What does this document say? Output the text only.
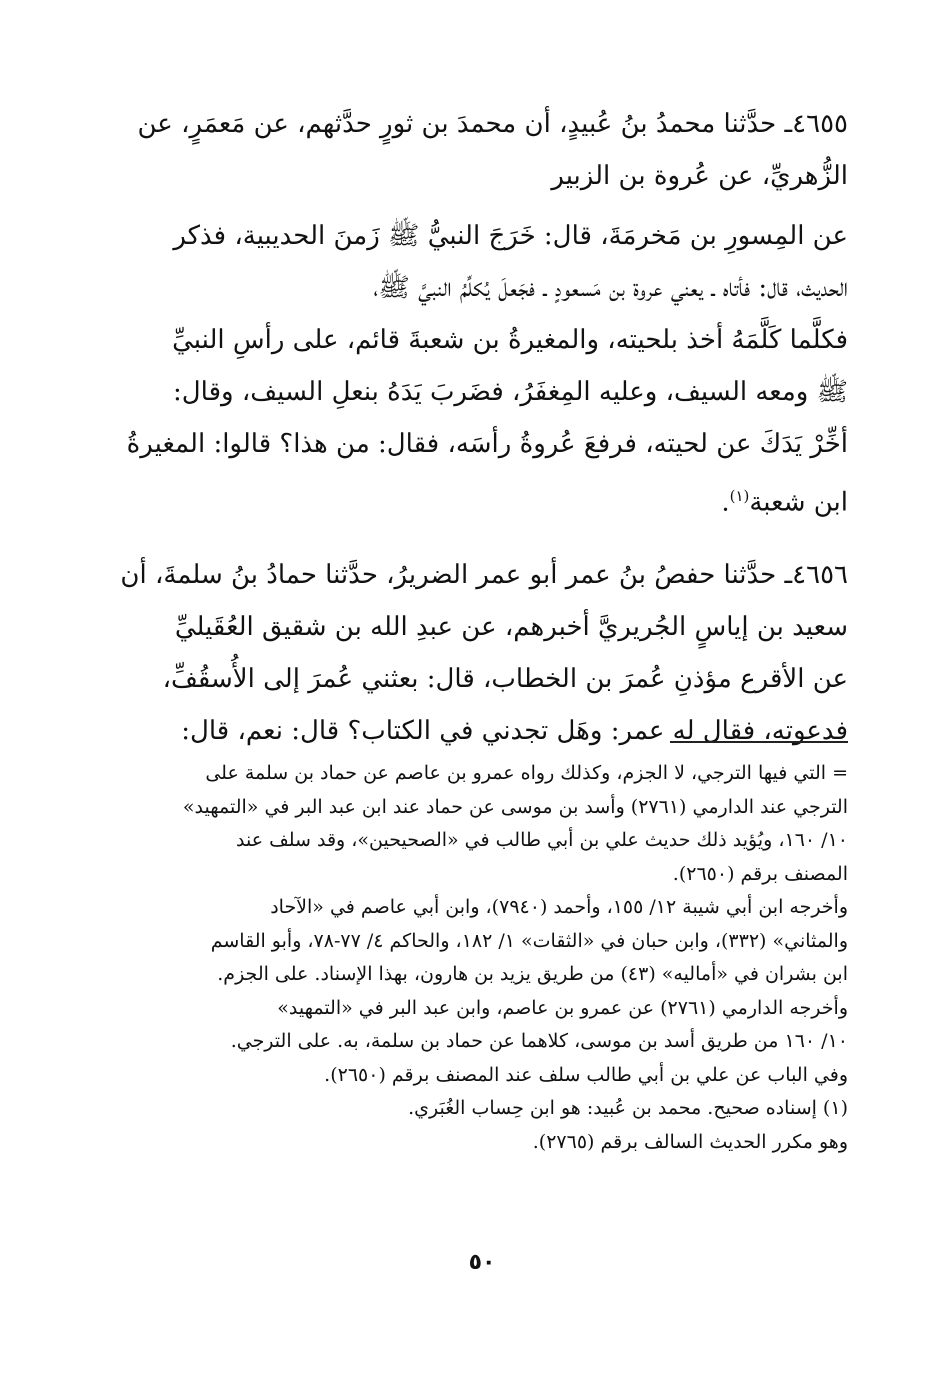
٤٦٥٥ـ حدَّثنا محمدُ بنُ عُبيدٍ، أن محمدَ بن ثورٍ حدَّثهم، عن مَعمَرٍ، عن
الزُّهريِّ، عن عُروة بن الزبير
عن المِسورِ بن مَخرمَةَ، قال: خَرَجَ النبيُّ ﷺ زَمنَ الحديبية، فذكر
الحديث، قال: فأتاه ـ يعني عروة بن مَسعودٍ ـ فجَعلَ يُكلِّمُ النبيَّ ﷺ،
فكلَّما كَلَّمَهُ أخذ بلحيته، والمغيرةُ بن شعبةَ قائم، على رأسِ النبيِّ
ﷺ ومعه السيف، وعليه المِغفَرُ، فضَربَ يَدَهُ بنعلِ السيف، وقال:
أخِّرْ يَدَكَ عن لحيته، فرفعَ عُروةُ رأسَه، فقال: من هذا؟ قالوا: المغيرةُ
ابن شعبة$^{(١)}$.
٤٦٥٦ـ حدَّثنا حفصُ بنُ عمر أبو عمر الضريرُ، حدَّثنا حمادُ بنُ سلمةَ، أن
سعيد بن إياسٍ الجُريريَّ أخبرهم، عن عبدِ الله بن شقيق العُقَيليِّ
عن الأقرع مؤذنِ عُمرَ بن الخطاب، قال: بعثني عُمرَ إلى الأُسقُفِّ،
فدعوته، فقال له عمر: وهَل تجدني في الكتاب؟ قال: نعم، قال:
= التي فيها الترجي، لا الجزم، وكذلك رواه عمرو بن عاصم عن حماد بن سلمة على
الترجي عند الدارمي (٢٧٦١) وأسد بن موسى عن حماد عند ابن عبد البر في «التمهيد»
١٠/ ١٦٠، ويُؤيد ذلك حديث علي بن أبي طالب في «الصحيحين»، وقد سلف عند
المصنف برقم (٢٦٥٠).
وأخرجه ابن أبي شيبة ١٢/ ١٥٥، وأحمد (٧٩٤٠)، وابن أبي عاصم في «الآحاد
والمثاني» (٣٣٢)، وابن حبان في «الثقات» ١/ ١٨٢، والحاكم ٤/ ٧٧-٧٨، وأبو القاسم
ابن بشران في «أماليه» (٤٣) من طريق يزيد بن هارون، بهذا الإسناد. على الجزم.
وأخرجه الدارمي (٢٧٦١) عن عمرو بن عاصم، وابن عبد البر في «التمهيد»
١٠/ ١٦٠ من طريق أسد بن موسى، كلاهما عن حماد بن سلمة، به. على الترجي.
وفي الباب عن علي بن أبي طالب سلف عند المصنف برقم (٢٦٥٠).
(١) إسناده صحيح. محمد بن عُبيد: هو ابن حِساب الغُبَري.
وهو مكرر الحديث السالف برقم (٢٧٦٥).
٥٠
